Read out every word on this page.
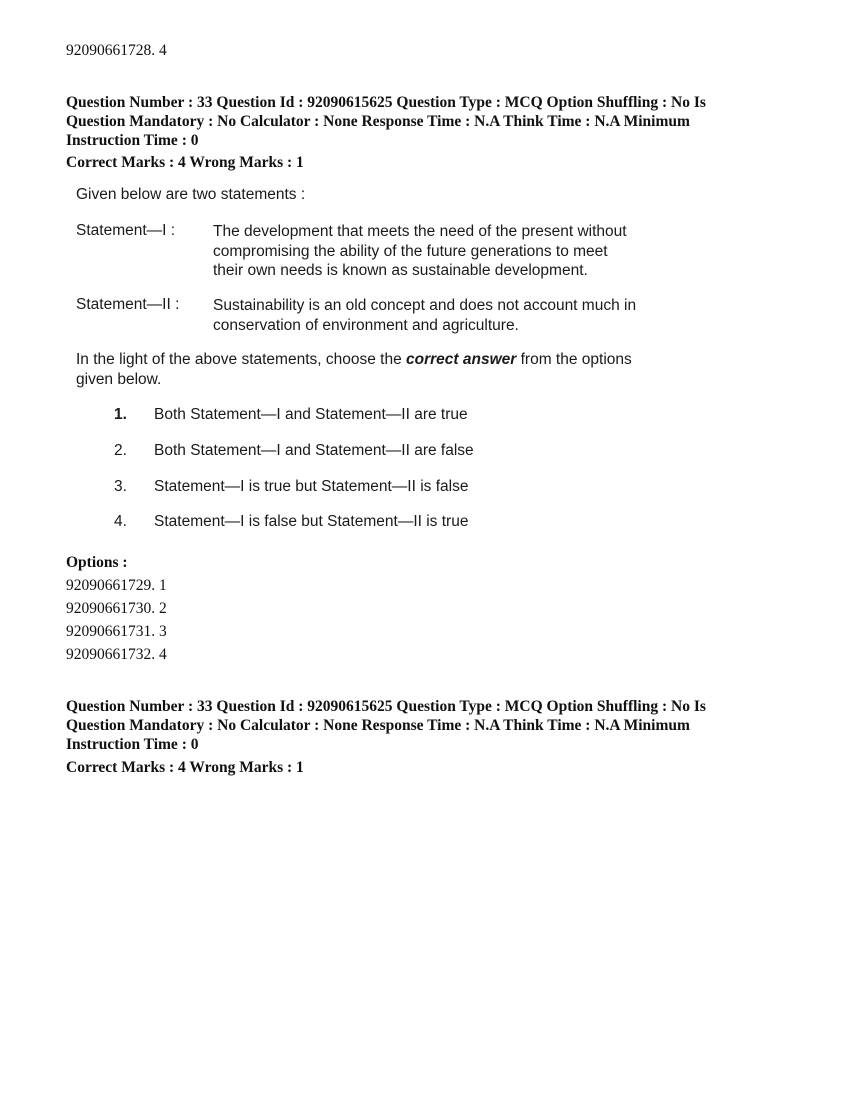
92090661728. 4
Question Number : 33 Question Id : 92090615625 Question Type : MCQ Option Shuffling : No Is
Question Mandatory : No Calculator : None Response Time : N.A Think Time : N.A Minimum
Instruction Time : 0
Correct Marks : 4 Wrong Marks : 1
Given below are two statements :
Statement—I : The development that meets the need of the present without
compromising the ability of the future generations to meet
their own needs is known as sustainable development.
Statement—II : Sustainability is an old concept and does not account much in
conservation of environment and agriculture.
In the light of the above statements, choose the correct answer from the options
given below.
1. Both Statement—I and Statement—II are true
2. Both Statement—I and Statement—II are false
3. Statement—I is true but Statement—II is false
4. Statement—I is false but Statement—II is true
Options :
92090661729. 1
92090661730. 2
92090661731. 3
92090661732. 4
Question Number : 33 Question Id : 92090615625 Question Type : MCQ Option Shuffling : No Is
Question Mandatory : No Calculator : None Response Time : N.A Think Time : N.A Minimum
Instruction Time : 0
Correct Marks : 4 Wrong Marks : 1
